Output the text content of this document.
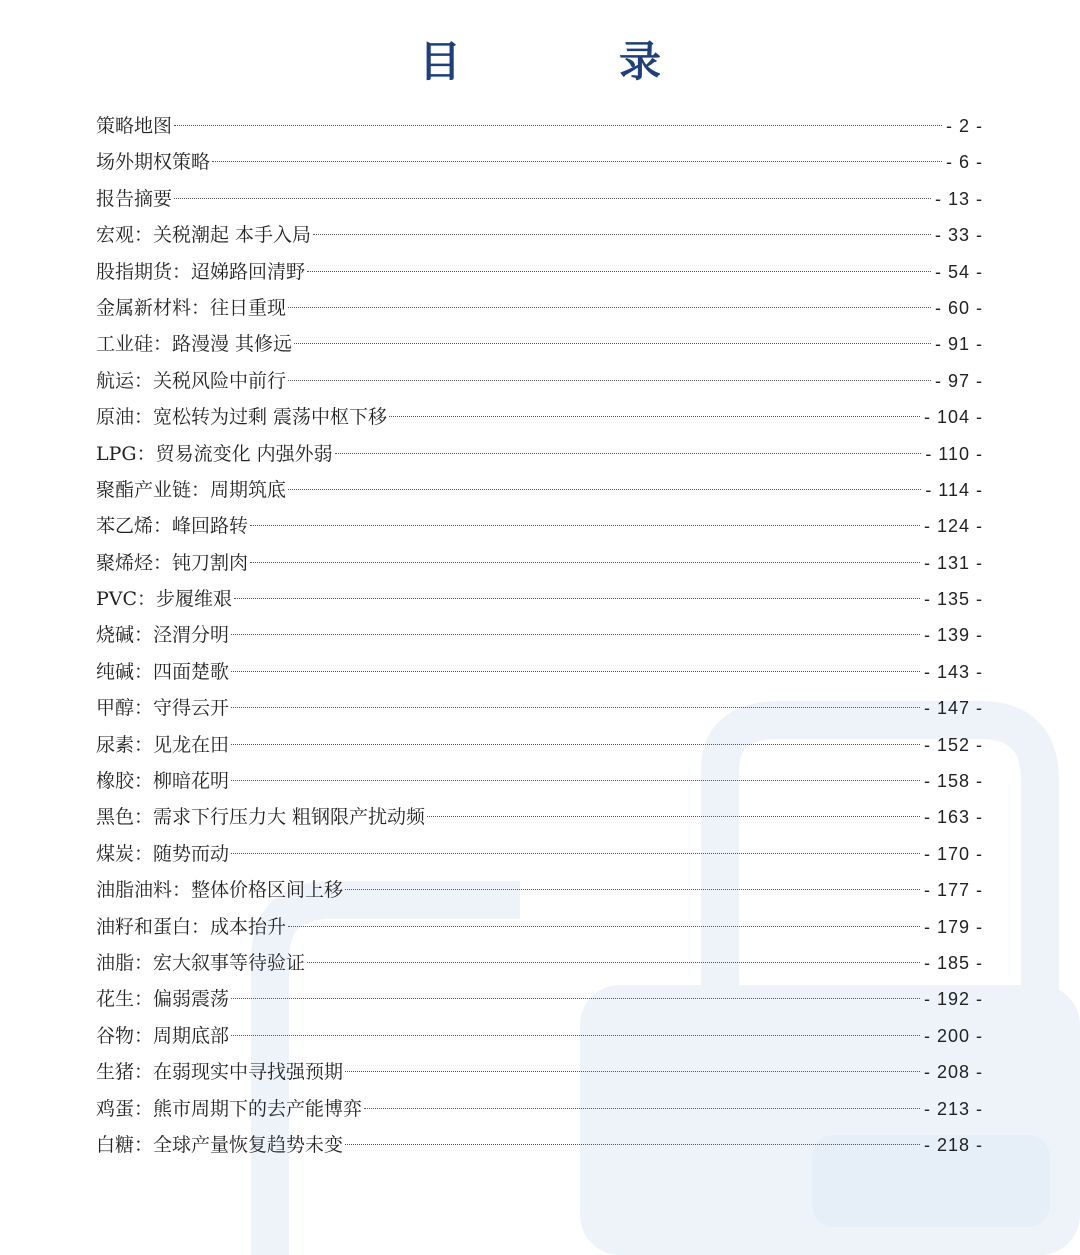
目　录
策略地图	- 2 -
场外期权策略	- 6 -
报告摘要	- 13 -
宏观：关税潮起 本手入局	- 33 -
股指期货：迢娣路回清野	- 54 -
金属新材料：往日重现	- 60 -
工业硅：路漫漫 其修远	- 91 -
航运：关税风险中前行	- 97 -
原油：宽松转为过剩 震荡中枢下移	- 104 -
LPG：贸易流变化 内强外弱	- 110 -
聚酯产业链：周期筑底	- 114 -
苯乙烯：峰回路转	- 124 -
聚烯烃：钝刀割肉	- 131 -
PVC：步履维艰	- 135 -
烧碱：泾渭分明	- 139 -
纯碱：四面楚歌	- 143 -
甲醇：守得云开	- 147 -
尿素：见龙在田	- 152 -
橡胶：柳暗花明	- 158 -
黑色：需求下行压力大 粗钢限产扰动频	- 163 -
煤炭：随势而动	- 170 -
油脂油料：整体价格区间上移	- 177 -
油籽和蛋白：成本抬升	- 179 -
油脂：宏大叙事等待验证	- 185 -
花生：偏弱震荡	- 192 -
谷物：周期底部	- 200 -
生猪：在弱现实中寻找强预期	- 208 -
鸡蛋：熊市周期下的去产能博弈	- 213 -
白糖：全球产量恢复趋势未变	- 218 -
